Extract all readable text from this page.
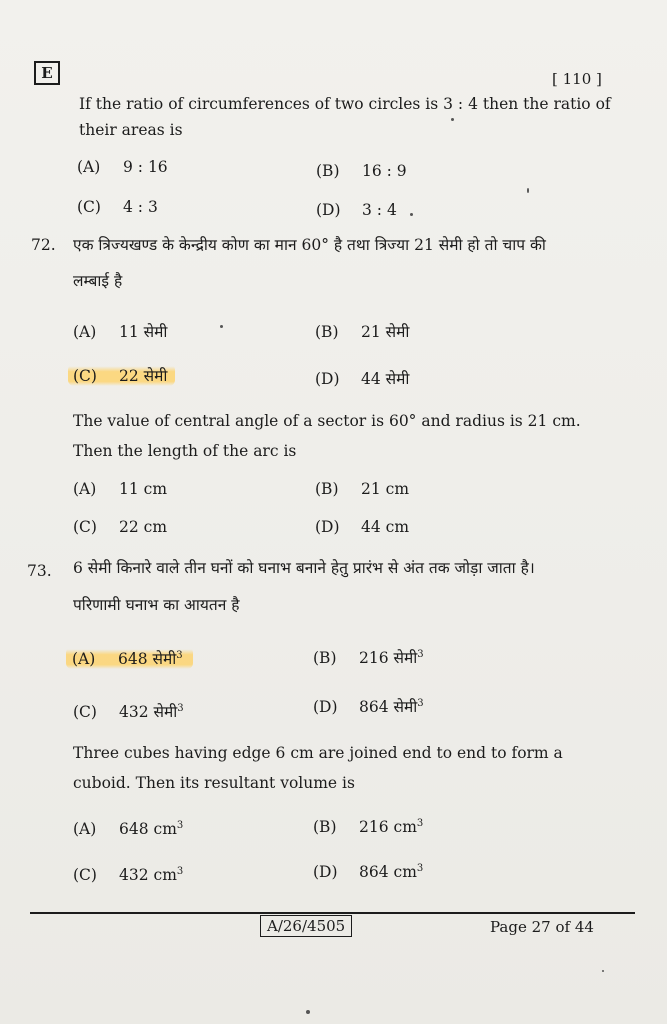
E	[ 110 ]
If the ratio of circumferences of two circles is 3 : 4 then the ratio of
their areas is
(A) 9 : 16	(B) 16 : 9
(C) 4 : 3	(D) 3 : 4
72. एक त्रिज्यखण्ड के केन्द्रीय कोण का मान 60° है तथा त्रिज्या 21 सेमी हो तो चाप की
लम्बाई है
(A) 11 सेमी	(B) 21 सेमी
(C) 22 सेमी	(D) 44 सेमी
The value of central angle of a sector is 60° and radius is 21 cm.
Then the length of the arc is
(A) 11 cm	(B) 21 cm
(C) 22 cm	(D) 44 cm
73. 6 सेमी किनारे वाले तीन घनों को घनाभ बनाने हेतु प्रारंभ से अंत तक जोड़ा जाता है।
परिणामी घनाभ का आयतन है
(A) 648 सेमी$^3$	(B) 216 सेमी$^3$
(C) 432 सेमी$^3$	(D) 864 सेमी$^3$
Three cubes having edge 6 cm are joined end to end to form a
cuboid. Then its resultant volume is
(A) 648 $cm^3$	(B) 216 $cm^3$
(C) 432 $cm^3$	(D) 864 $cm^3$
A/26/4505	Page 27 of 44
